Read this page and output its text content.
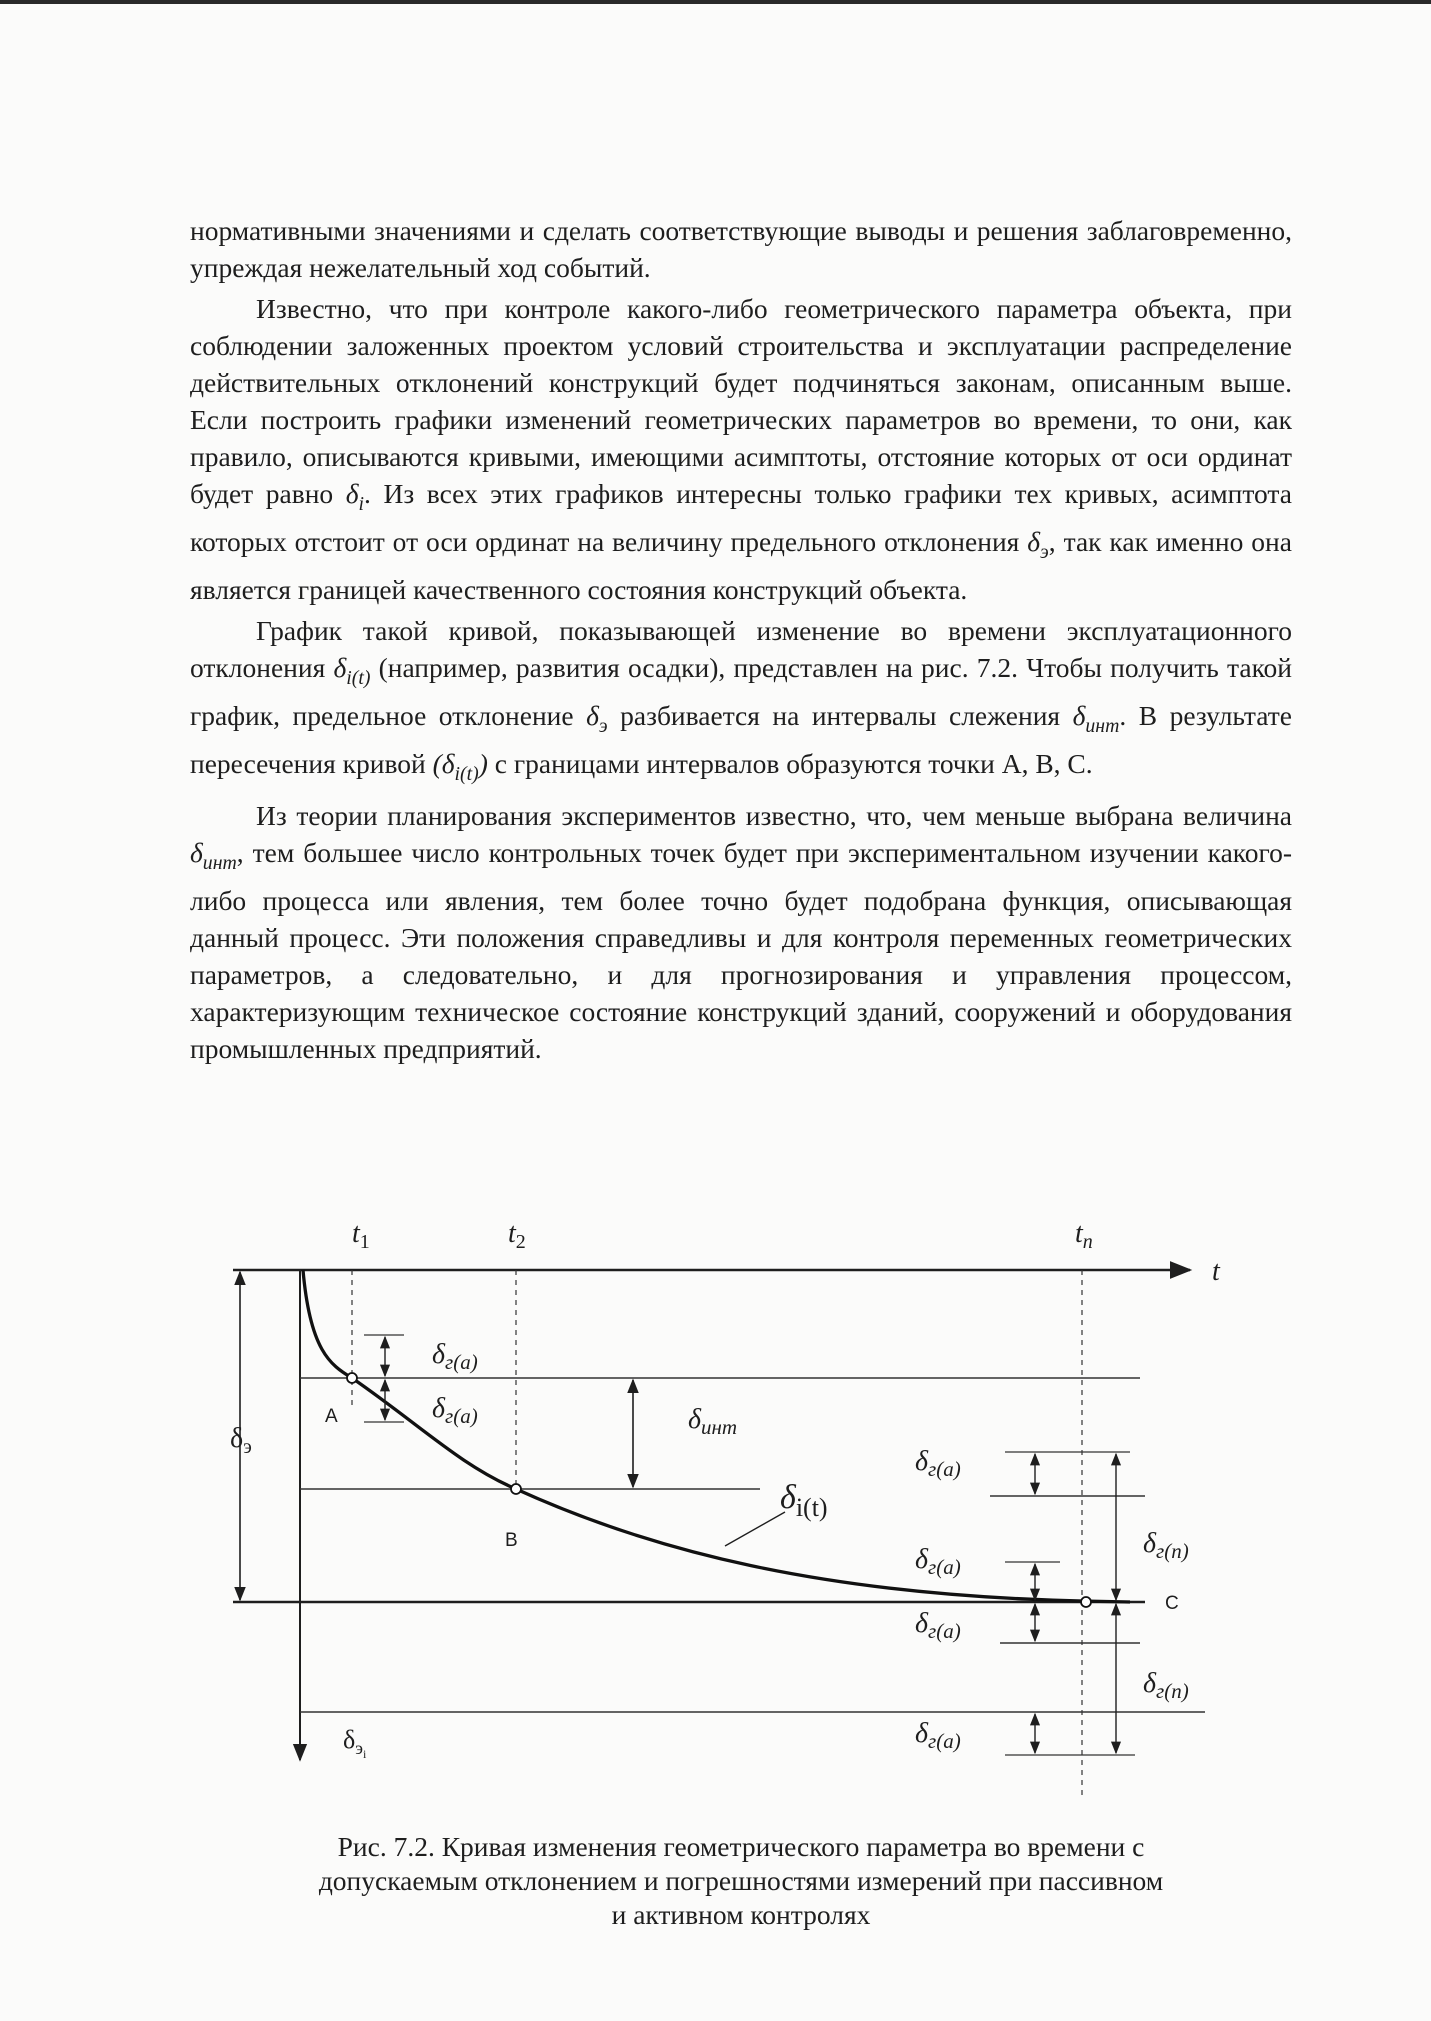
нормативными значениями и сделать соответствующие выводы и решения заблаговременно, упреждая нежелательный ход событий.

Известно, что при контроле какого-либо геометрического параметра объекта, при соблюдении заложенных проектом условий строительства и эксплуатации распределение действительных отклонений конструкций будет подчиняться законам, описанным выше. Если построить графики изменений геометрических параметров во времени, то они, как правило, описываются кривыми, имеющими асимптоты, отстояние которых от оси ординат будет равно $\delta_i$. Из всех этих графиков интересны только графики тех кривых, асимптота которых отстоит от оси ординат на величину предельного отклонения $\delta_э$, так как именно она является границей качественного состояния конструкций объекта.

График такой кривой, показывающей изменение во времени эксплуатационного отклонения $\delta_{i(t)}$ (например, развития осадки), представлен на рис. 7.2. Чтобы получить такой график, предельное отклонение $\delta_э$ разбивается на интервалы слежения $\delta_{инт}$. В результате пересечения кривой $(\delta_{i(t)})$ с границами интервалов образуются точки А, В, С.

Из теории планирования экспериментов известно, что, чем меньше выбрана величина $\delta_{инт}$, тем большее число контрольных точек будет при экспериментальном изучении какого-либо процесса или явления, тем более точно будет подобрана функция, описывающая данный процесс. Эти положения справедливы и для контроля переменных геометрических параметров, а следовательно, и для прогнозирования и управления процессом, характеризующим техническое состояние конструкций зданий, сооружений и оборудования промышленных предприятий.

$t_1$	$t_2$	$t_n$
t
$\delta_{г(а)}$
$\delta_{г(а)}$	$\delta_{инт}$
$\delta_э$
$\delta_{i(t)}$
$\delta_{г(а)}$
$\delta_{г(n)}$
$\delta_{г(а)}$
$\delta_{г(а)}$
$\delta_{г(n)}$
$\delta_{г(а)}$
$\delta_эi$
A
B
C
Рис. 7.2. Кривая изменения геометрического параметра во времени с
допускаемым отклонением и погрешностями измерений при пассивном
и активном контролях
